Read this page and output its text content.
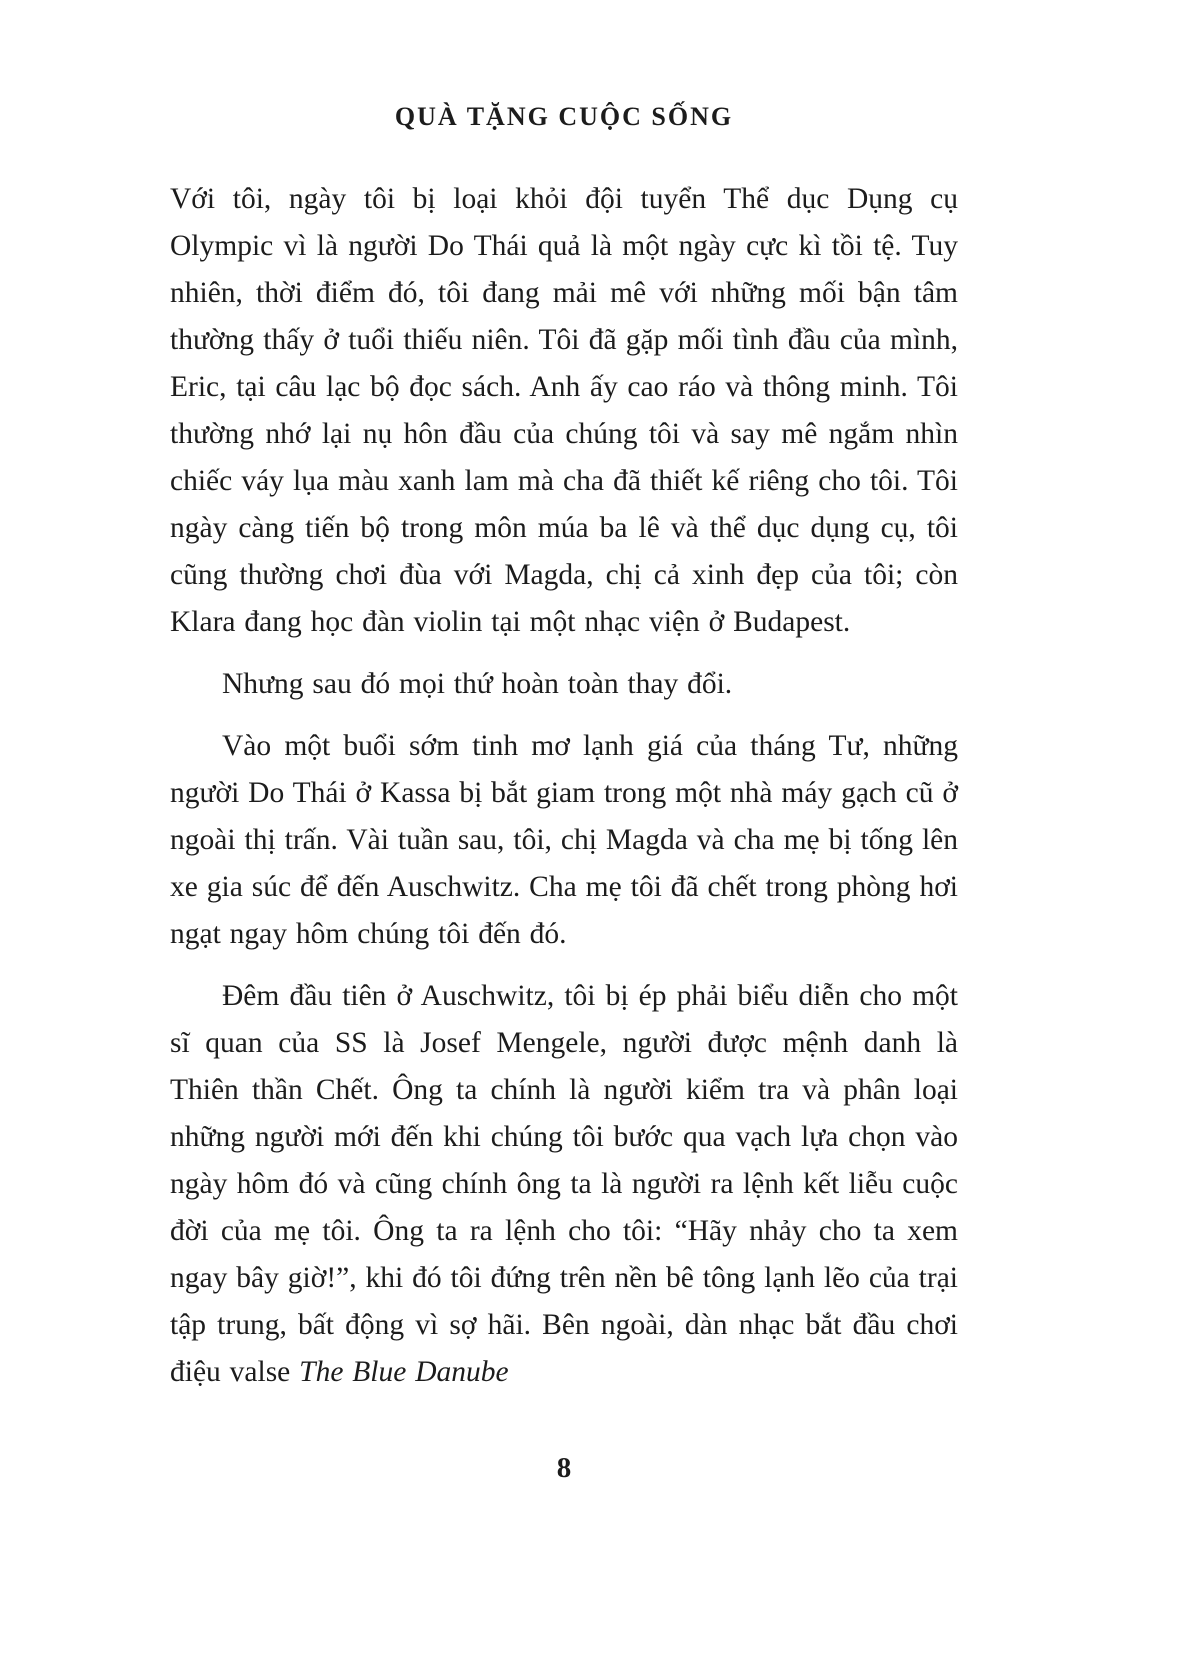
QUÀ TẶNG CUỘC SỐNG

Với tôi, ngày tôi bị loại khỏi đội tuyển Thể dục Dụng cụ Olympic vì là người Do Thái quả là một ngày cực kì tồi tệ. Tuy nhiên, thời điểm đó, tôi đang mải mê với những mối bận tâm thường thấy ở tuổi thiếu niên. Tôi đã gặp mối tình đầu của mình, Eric, tại câu lạc bộ đọc sách. Anh ấy cao ráo và thông minh. Tôi thường nhớ lại nụ hôn đầu của chúng tôi và say mê ngắm nhìn chiếc váy lụa màu xanh lam mà cha đã thiết kế riêng cho tôi. Tôi ngày càng tiến bộ trong môn múa ba lê và thể dục dụng cụ, tôi cũng thường chơi đùa với Magda, chị cả xinh đẹp của tôi; còn Klara đang học đàn violin tại một nhạc viện ở Budapest.

Nhưng sau đó mọi thứ hoàn toàn thay đổi.

Vào một buổi sớm tinh mơ lạnh giá của tháng Tư, những người Do Thái ở Kassa bị bắt giam trong một nhà máy gạch cũ ở ngoài thị trấn. Vài tuần sau, tôi, chị Magda và cha mẹ bị tống lên xe gia súc để đến Auschwitz. Cha mẹ tôi đã chết trong phòng hơi ngạt ngay hôm chúng tôi đến đó.

Đêm đầu tiên ở Auschwitz, tôi bị ép phải biểu diễn cho một sĩ quan của SS là Josef Mengele, người được mệnh danh là Thiên thần Chết. Ông ta chính là người kiểm tra và phân loại những người mới đến khi chúng tôi bước qua vạch lựa chọn vào ngày hôm đó và cũng chính ông ta là người ra lệnh kết liễu cuộc đời của mẹ tôi. Ông ta ra lệnh cho tôi: “Hãy nhảy cho ta xem ngay bây giờ!”, khi đó tôi đứng trên nền bê tông lạnh lẽo của trại tập trung, bất động vì sợ hãi. Bên ngoài, dàn nhạc bắt đầu chơi điệu valse The Blue Danube

8
